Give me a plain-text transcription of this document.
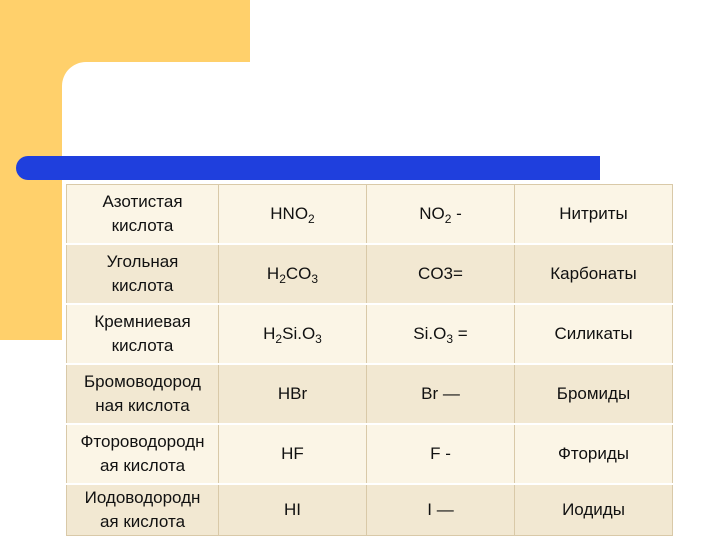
Азотистая
кислота	$HNO_2$	$NO_2$ -	Нитриты

Угольная
кислота	$H_2CO_3$	CO3=	Карбонаты

Кремниевая
кислота	$H_2Si.O_3$	$Si.O_3$ =	Силикаты

Бромоводород
ная кислота	HBr	Br —	Бромиды

Фтороводородн
ая кислота	HF	F -	Фториды

Иодоводородн
ая кислота	HI	I —	Иодиды
